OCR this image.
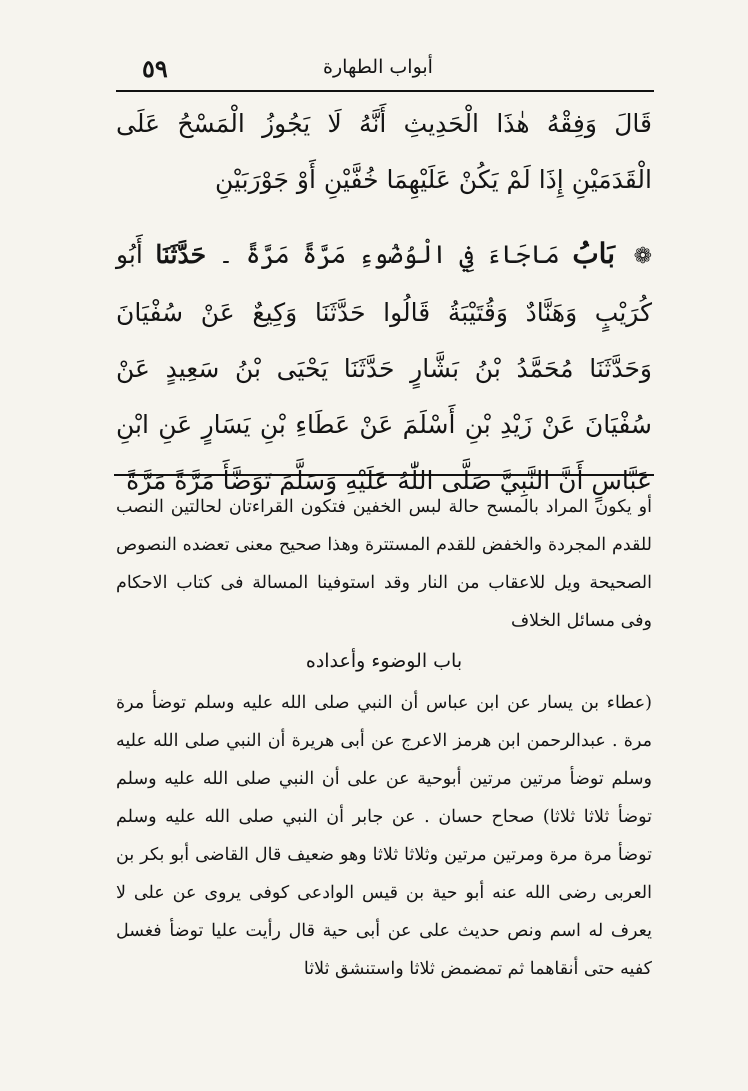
٥٩	أبواب الطهارة

قَالَ وَفِقْهُ هٰذَا الْحَدِيثِ أَنَّهُ لَا يَجُوزُ الْمَسْحُ عَلَى الْقَدَمَيْنِ إِذَا لَمْ يَكُنْ عَلَيْهِمَا خُفَّيْنِ أَوْ جَوْرَبَيْنِ

❁ بَابُ مَاجَاءَ فِي الْوُضُوءِ مَرَّةً مَرَّةً ۔ حَدَّثَنَا أَبُو كُرَيْبٍ وَهَنَّادٌ وَقُتَيْبَةُ قَالُوا حَدَّثَنَا وَكِيعٌ عَنْ سُفْيَانَ وَحَدَّثَنَا مُحَمَّدُ بْنُ بَشَّارٍ حَدَّثَنَا يَحْيَى بْنُ سَعِيدٍ عَنْ سُفْيَانَ عَنْ زَيْدِ بْنِ أَسْلَمَ عَنْ عَطَاءِ بْنِ يَسَارٍ عَنِ ابْنِ عَبَّاسٍ أَنَّ النَّبِيَّ صَلَّى اللّٰهُ عَلَيْهِ وَسَلَّمَ تَوَضَّأَ مَرَّةً مَرَّةً

أو يكون المراد بالمسح حالة لبس الخفين فتكون القراءتان لحالتين النصب للقدم المجردة والخفض للقدم المستترة وهذا صحيح معنى تعضده النصوص الصحيحة ويل للاعقاب من النار وقد استوفينا المسالة فى كتاب الاحكام وفى مسائل الخلاف

باب الوضوء وأعداده

(عطاء بن يسار عن ابن عباس أن النبي صلى الله عليه وسلم توضأ مرة مرة . عبدالرحمن ابن هرمز الاعرج عن أبى هريرة أن النبي صلى الله عليه وسلم توضأ مرتين مرتين أبوحية عن على أن النبي صلى الله عليه وسلم توضأ ثلاثا ثلاثا) صحاح حسان . عن جابر أن النبي صلى الله عليه وسلم توضأ مرة مرة ومرتين مرتين وثلاثا ثلاثا وهو ضعيف قال القاضى أبو بكر بن العربى رضى الله عنه أبو حية بن قيس الوادعى كوفى يروى عن على لا يعرف له اسم ونص حديث على عن أبى حية قال رأيت عليا توضأ فغسل كفيه حتى أنقاهما ثم تمضمض ثلاثا واستنشق ثلاثا
